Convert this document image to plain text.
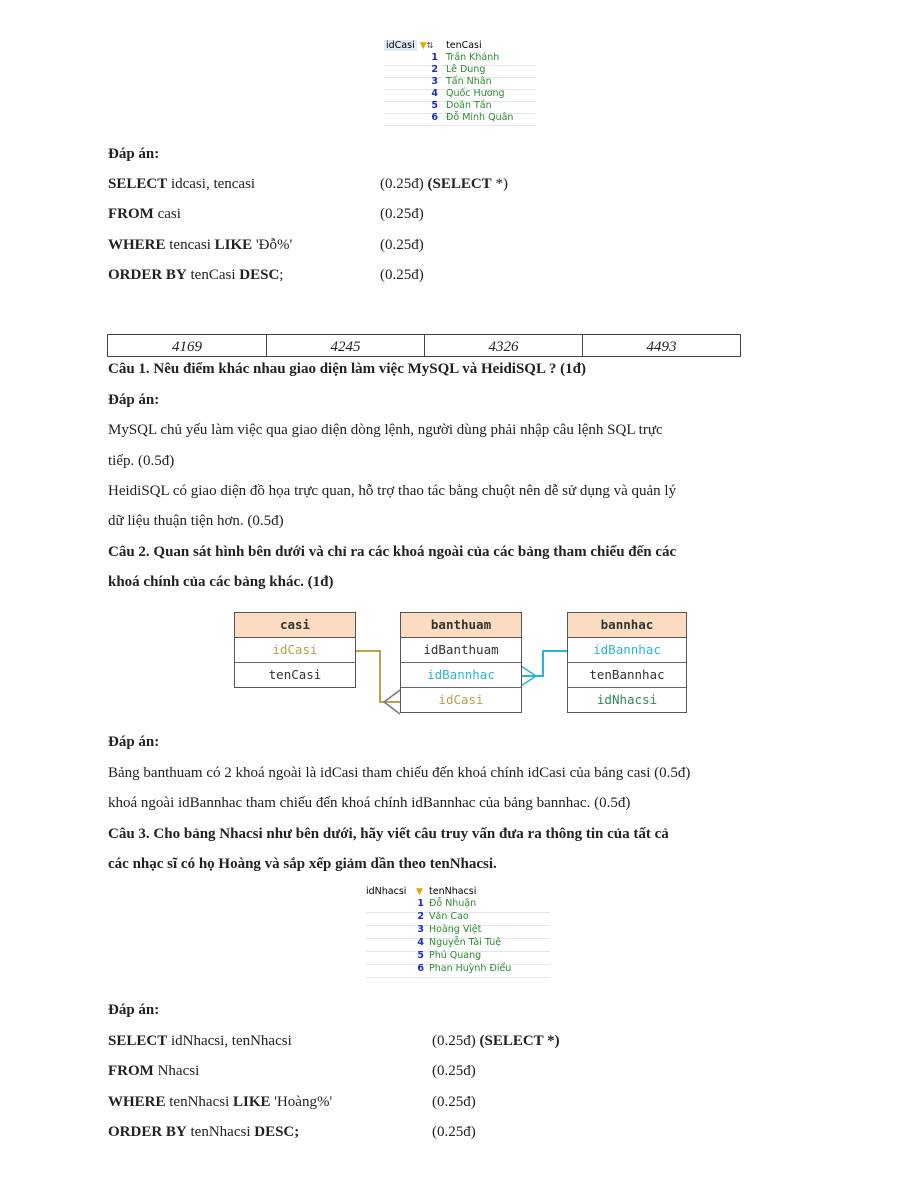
idCasi ▼⇅ tenCasi
1 Trần Khánh
2 Lê Dung
3 Tấn Nhân
4 Quốc Hương
5 Doãn Tần
6 Đỗ Minh Quân
Đáp án:
SELECT idcasi, tencasi	(0.25đ) (SELECT *)
FROM casi	(0.25đ)
WHERE tencasi LIKE 'Đỗ%'	(0.25đ)
ORDER BY tenCasi DESC;	(0.25đ)
4169	4245	4326	4493
Câu 1. Nêu điểm khác nhau giao diện làm việc MySQL và HeidiSQL ? (1đ)
Đáp án:
MySQL chủ yếu làm việc qua giao diện dòng lệnh, người dùng phải nhập câu lệnh SQL trực
tiếp. (0.5đ)
HeidiSQL có giao diện đồ họa trực quan, hỗ trợ thao tác bằng chuột nên dễ sử dụng và quản lý
dữ liệu thuận tiện hơn. (0.5đ)
Câu 2. Quan sát hình bên dưới và chỉ ra các khoá ngoài của các bảng tham chiếu đến các
khoá chính của các bảng khác. (1đ)
casi
idCasi
tenCasi
banthuam
idBanthuam
idBannhac
idCasi
bannhac
idBannhac
tenBannhac
idNhacsi
Đáp án:
Bảng banthuam có 2 khoá ngoài là idCasi tham chiếu đến khoá chính idCasi của bảng casi (0.5đ)
khoá ngoài idBannhac tham chiếu đến khoá chính idBannhac của bảng bannhac. (0.5đ)
Câu 3. Cho bảng Nhacsi như bên dưới, hãy viết câu truy vấn đưa ra thông tin của tất cả
các nhạc sĩ có họ Hoàng và sắp xếp giảm dần theo tenNhacsi.
idNhacsi ▼ tenNhacsi
1 Đỗ Nhuận
2 Văn Cao
3 Hoàng Việt
4 Nguyễn Tài Tuệ
5 Phú Quang
6 Phan Huỳnh Điểu
Đáp án:
SELECT idNhacsi, tenNhacsi	(0.25đ) (SELECT *)
FROM Nhacsi	(0.25đ)
WHERE tenNhacsi LIKE 'Hoàng%'	(0.25đ)
ORDER BY tenNhacsi DESC;	(0.25đ)
